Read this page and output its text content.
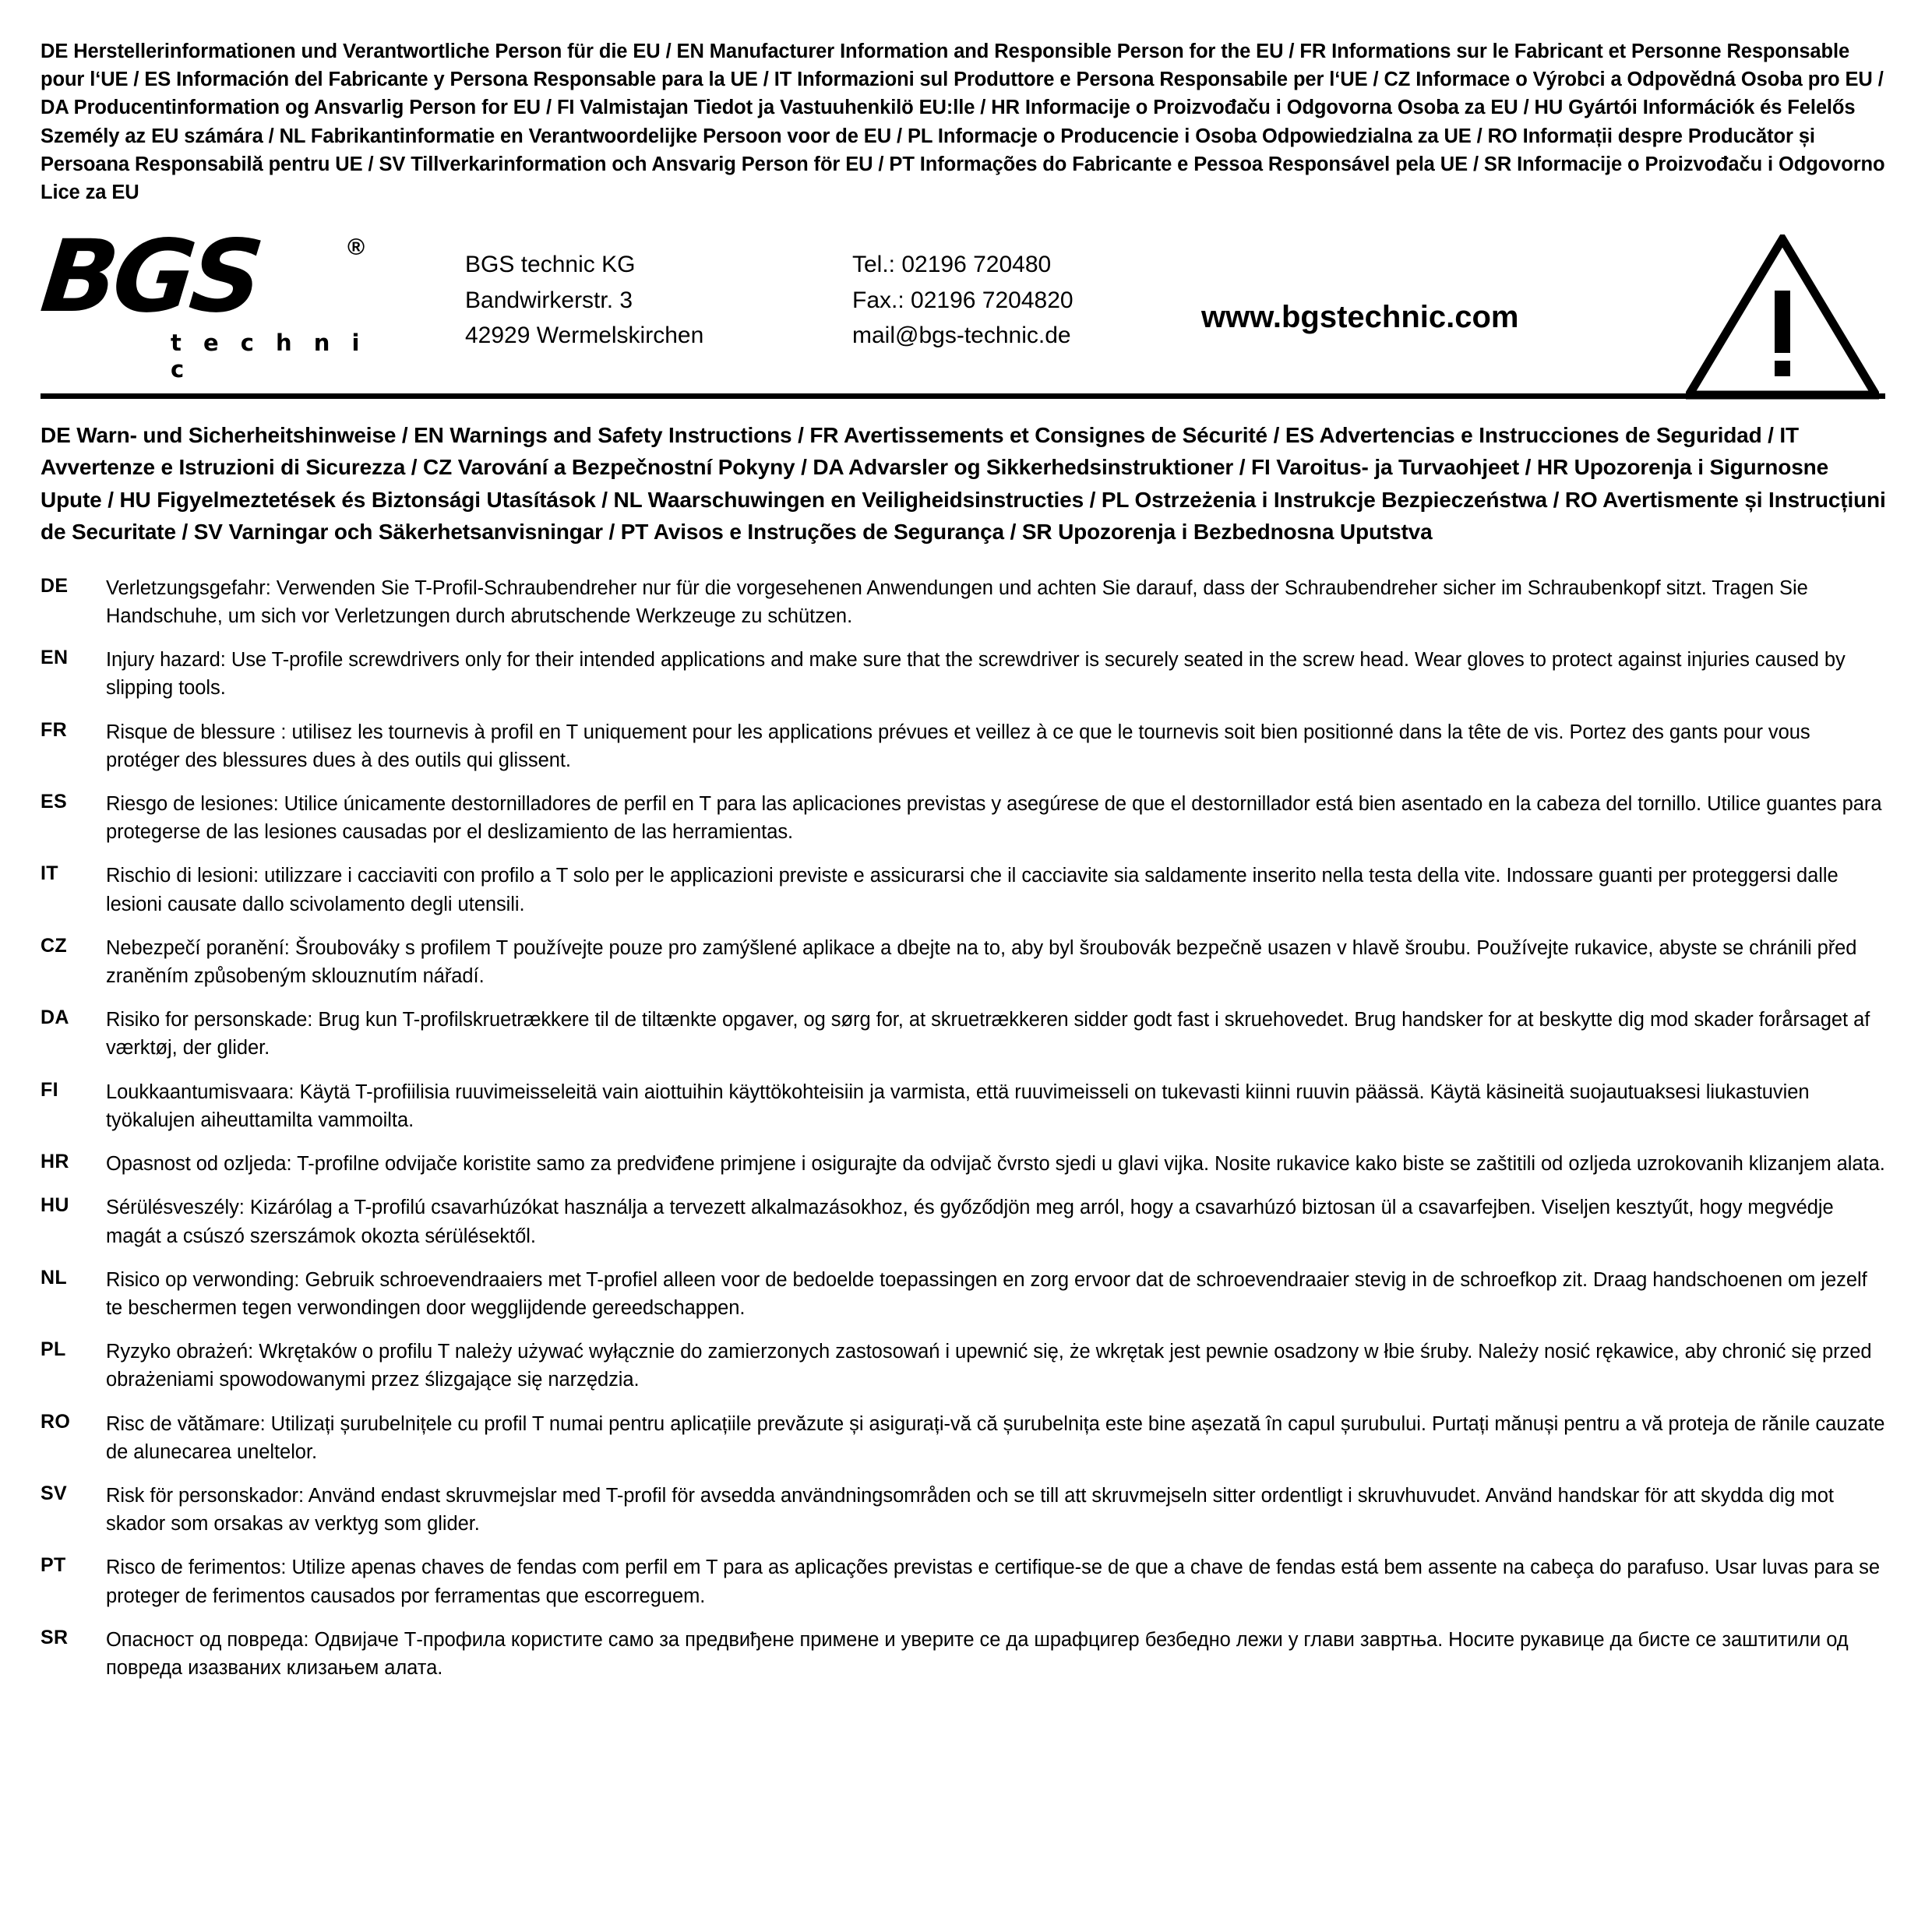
DE Herstellerinformationen und Verantwortliche Person für die EU / EN Manufacturer Information and Responsible Person for the EU / FR Informations sur le Fabricant et Personne Responsable pour l‘UE / ES Información del Fabricante y Persona Responsable para la UE / IT Informazioni sul Produttore e Persona Responsabile per l‘UE / CZ Informace o Výrobci a Odpovědná Osoba pro EU / DA Producentinformation og Ansvarlig Person for EU / FI Valmistajan Tiedot ja Vastuuhenkilö EU:lle / HR Informacije o Proizvođaču i Odgovorna Osoba za EU / HU Gyártói Információk és Felelős Személy az EU számára / NL Fabrikantinformatie en Verantwoordelijke Persoon voor de EU / PL Informacje o Producencie i Osoba Odpowiedzialna za UE / RO Informații despre Producător și Persoana Responsabilă pentru UE / SV Tillverkarinformation och Ansvarig Person för EU / PT Informações do Fabricante e Pessoa Responsável pela UE / SR Informacije o Proizvođaču i Odgovorno Lice za EU
BGS	®
t e c h n i c
BGS technic KG
Bandwirkerstr. 3
42929 Wermelskirchen
Tel.: 02196 720480
Fax.: 02196 7204820
mail@bgs-technic.de
www.bgstechnic.com
DE Warn- und Sicherheitshinweise / EN Warnings and Safety Instructions / FR Avertissements et Consignes de Sécurité / ES Advertencias e Instrucciones de Seguridad / IT Avvertenze e Istruzioni di Sicurezza / CZ Varování a Bezpečnostní Pokyny / DA Advarsler og Sikkerhedsinstruktioner / FI Varoitus- ja Turvaohjeet / HR Upozorenja i Sigurnosne Upute / HU Figyelmeztetések és Biztonsági Utasítások / NL Waarschuwingen en Veiligheidsinstructies / PL Ostrzeżenia i Instrukcje Bezpieczeństwa / RO Avertismente și Instrucțiuni de Securitate / SV Varningar och Säkerhetsanvisningar / PT Avisos e Instruções de Segurança / SR Upozorenja i Bezbednosna Uputstva
DE	Verletzungsgefahr: Verwenden Sie T-Profil-Schraubendreher nur für die vorgesehenen Anwendungen und achten Sie darauf, dass der Schraubendreher sicher im Schraubenkopf sitzt. Tragen Sie Handschuhe, um sich vor Verletzungen durch abrutschende Werkzeuge zu schützen.
EN	Injury hazard: Use T-profile screwdrivers only for their intended applications and make sure that the screwdriver is securely seated in the screw head. Wear gloves to protect against injuries caused by slipping tools.
FR	Risque de blessure : utilisez les tournevis à profil en T uniquement pour les applications prévues et veillez à ce que le tournevis soit bien positionné dans la tête de vis. Portez des gants pour vous protéger des blessures dues à des outils qui glissent.
ES	Riesgo de lesiones: Utilice únicamente destornilladores de perfil en T para las aplicaciones previstas y asegúrese de que el destornillador está bien asentado en la cabeza del tornillo. Utilice guantes para protegerse de las lesiones causadas por el deslizamiento de las herramientas.
IT	Rischio di lesioni: utilizzare i cacciaviti con profilo a T solo per le applicazioni previste e assicurarsi che il cacciavite sia saldamente inserito nella testa della vite. Indossare guanti per proteggersi dalle lesioni causate dallo scivolamento degli utensili.
CZ	Nebezpečí poranění: Šroubováky s profilem T používejte pouze pro zamýšlené aplikace a dbejte na to, aby byl šroubovák bezpečně usazen v hlavě šroubu. Používejte rukavice, abyste se chránili před zraněním způsobeným sklouznutím nářadí.
DA	Risiko for personskade: Brug kun T-profilskruetrækkere til de tiltænkte opgaver, og sørg for, at skruetrækkeren sidder godt fast i skruehovedet. Brug handsker for at beskytte dig mod skader forårsaget af værktøj, der glider.
FI	Loukkaantumisvaara: Käytä T-profiilisia ruuvimeisseleitä vain aiottuihin käyttökohteisiin ja varmista, että ruuvimeisseli on tukevasti kiinni ruuvin päässä. Käytä käsineitä suojautuaksesi liukastuvien työkalujen aiheuttamilta vammoilta.
HR	Opasnost od ozljeda: T-profilne odvijače koristite samo za predviđene primjene i osigurajte da odvijač čvrsto sjedi u glavi vijka. Nosite rukavice kako biste se zaštitili od ozljeda uzrokovanih klizanjem alata.
HU	Sérülésveszély: Kizárólag a T-profilú csavarhúzókat használja a tervezett alkalmazásokhoz, és győződjön meg arról, hogy a csavarhúzó biztosan ül a csavarfejben. Viseljen kesztyűt, hogy megvédje magát a csúszó szerszámok okozta sérülésektől.
NL	Risico op verwonding: Gebruik schroevendraaiers met T-profiel alleen voor de bedoelde toepassingen en zorg ervoor dat de schroevendraaier stevig in de schroefkop zit. Draag handschoenen om jezelf te beschermen tegen verwondingen door wegglijdende gereedschappen.
PL	Ryzyko obrażeń: Wkrętaków o profilu T należy używać wyłącznie do zamierzonych zastosowań i upewnić się, że wkrętak jest pewnie osadzony w łbie śruby. Należy nosić rękawice, aby chronić się przed obrażeniami spowodowanymi przez ślizgające się narzędzia.
RO	Risc de vătămare: Utilizați șurubelnițele cu profil T numai pentru aplicațiile prevăzute și asigurați-vă că șurubelnița este bine așezată în capul șurubului. Purtați mănuși pentru a vă proteja de rănile cauzate de alunecarea uneltelor.
SV	Risk för personskador: Använd endast skruvmejslar med T-profil för avsedda användningsområden och se till att skruvmejseln sitter ordentligt i skruvhuvudet. Använd handskar för att skydda dig mot skador som orsakas av verktyg som glider.
PT	Risco de ferimentos: Utilize apenas chaves de fendas com perfil em T para as aplicações previstas e certifique-se de que a chave de fendas está bem assente na cabeça do parafuso. Usar luvas para se proteger de ferimentos causados por ferramentas que escorreguem.
SR	Опасност од повреда: Одвијаче Т-профила користите само за предвиђене примене и уверите се да шрафцигер безбедно лежи у глави завртња. Носите рукавице да бисте се заштитили од повреда изазваних клизањем алата.
